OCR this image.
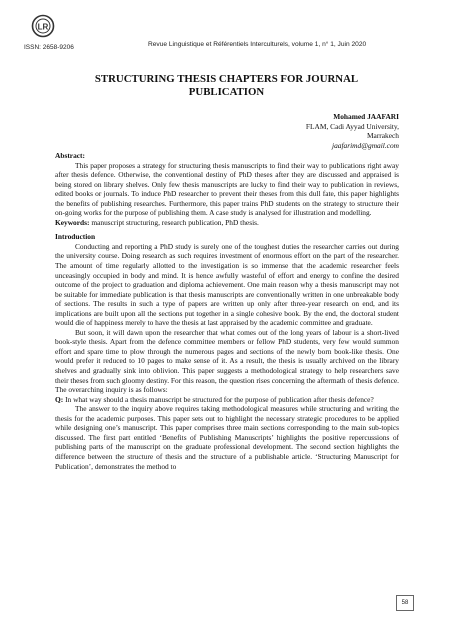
LR
ISSN: 2658-9206	Revue Linguistique et Référentiels Interculturels, volume 1, n° 1, Juin 2020
STRUCTURING THESIS CHAPTERS FOR JOURNAL PUBLICATION
Mohamed JAAFARI
FLAM, Cadi Ayyad University,
Marrakech
jaafarimd@gmail.com

Abstract:

This paper proposes a strategy for structuring thesis manuscripts to find their way to publications right away after thesis defence. Otherwise, the conventional destiny of PhD theses after they are discussed and appraised is being stored on library shelves. Only few thesis manuscripts are lucky to find their way to publication in reviews, edited books or journals. To induce PhD researcher to prevent their theses from this dull fate, this paper highlights the benefits of publishing researches. Furthermore, this paper trains PhD students on the strategy to structure their on-going works for the purpose of publishing them. A case study is analysed for illustration and modelling.

Keywords: manuscript structuring, research publication, PhD thesis.

Introduction

Conducting and reporting a PhD study is surely one of the toughest duties the researcher carries out during the university course. Doing research as such requires investment of enormous effort on the part of the researcher. The amount of time regularly allotted to the investigation is so immense that the academic researcher feels unceasingly occupied in body and mind. It is hence awfully wasteful of effort and energy to confine the desired outcome of the project to graduation and diploma achievement. One main reason why a thesis manuscript may not be suitable for immediate publication is that thesis manuscripts are conventionally written in one unbreakable body of sections. The results in such a type of papers are written up only after three-year research on end, and its implications are built upon all the sections put together in a single cohesive book. By the end, the doctoral student would die of happiness merely to have the thesis at last appraised by the academic committee and graduate.

But soon, it will dawn upon the researcher that what comes out of the long years of labour is a short-lived book-style thesis. Apart from the defence committee members or fellow PhD students, very few would summon effort and spare time to plow through the numerous pages and sections of the newly born book-like thesis. One would prefer it reduced to 10 pages to make sense of it. As a result, the thesis is usually archived on the library shelves and gradually sink into oblivion. This paper suggests a methodological strategy to help researchers save their theses from such gloomy destiny. For this reason, the question rises concerning the aftermath of thesis defence. The overarching inquiry is as follows:

Q: In what way should a thesis manuscript be structured for the purpose of publication after thesis defence?

The answer to the inquiry above requires taking methodological measures while structuring and writing the thesis for the academic purposes. This paper sets out to highlight the necessary strategic procedures to be applied while designing one’s manuscript. This paper comprises three main sections corresponding to the main sub-topics discussed. The first part entitled ‘Benefits of Publishing Manuscripts’ highlights the positive repercussions of publishing parts of the manuscript on the graduate professional development. The second section highlights the difference between the structure of thesis and the structure of a publishable article. ‘Structuring Manuscript for Publication’, demonstrates the method to

58
